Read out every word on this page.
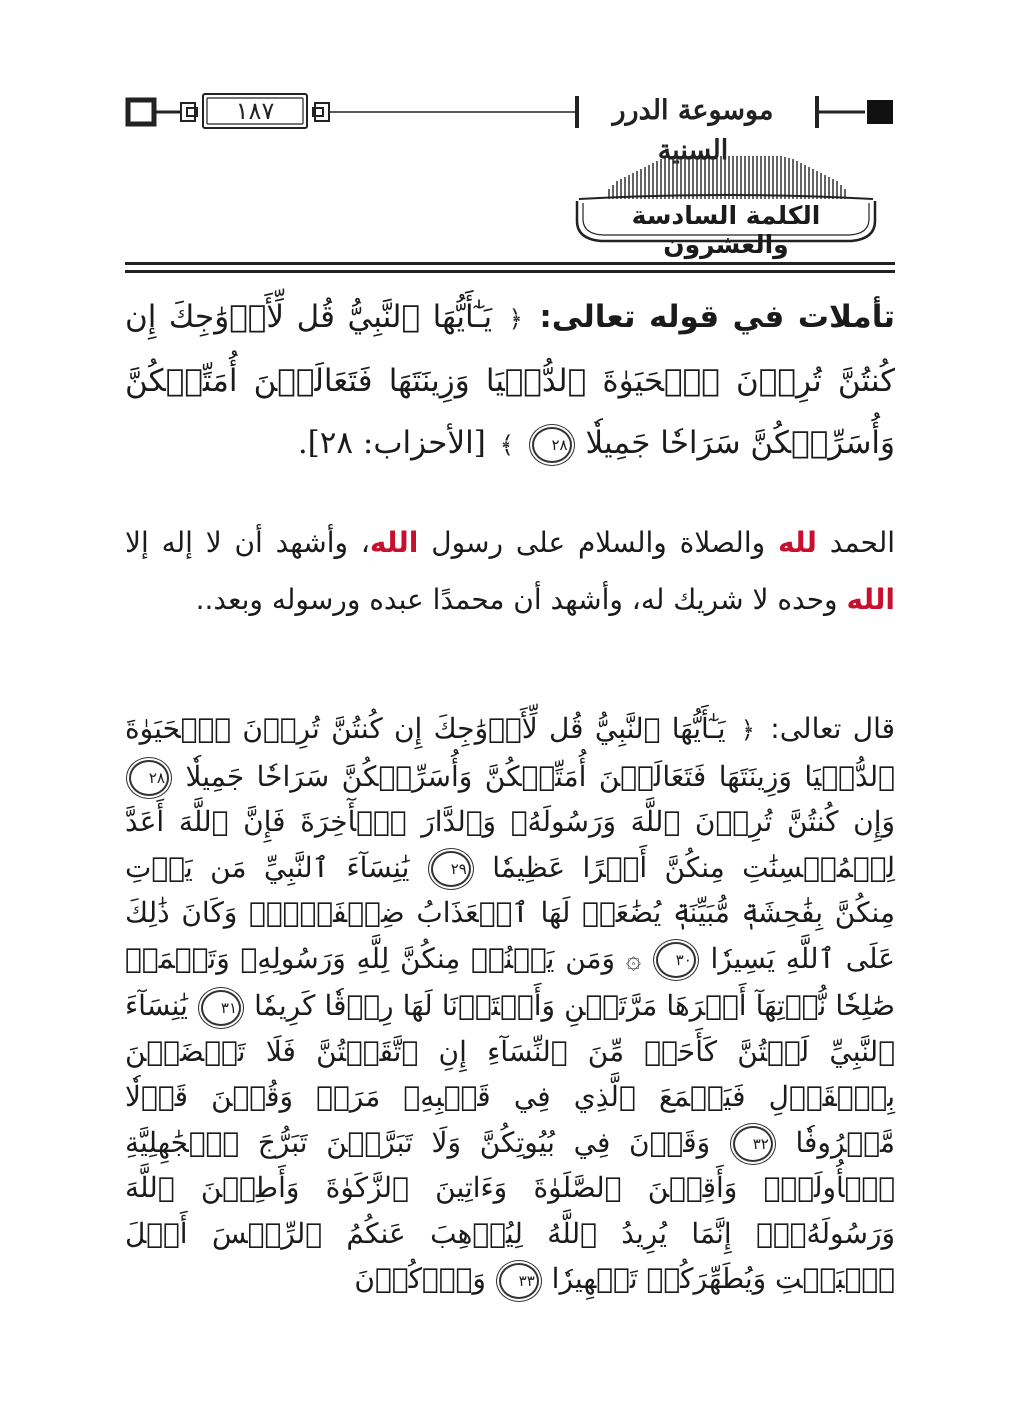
١٨٧	موسوعة الدرر السنية
الكلمة السادسة والعشرون
تأملات في قوله تعالى: ﴿ يَـٰٓأَيُّهَا ٱلنَّبِيُّ قُل لِّأَزۡوَٰجِكَ إِن كُنتُنَّ تُرِدۡنَ ٱلۡحَيَوٰةَ ٱلدُّنۡيَا وَزِينَتَهَا فَتَعَالَيۡنَ أُمَتِّعۡكُنَّ وَأُسَرِّحۡكُنَّ سَرَاحٗا جَمِيلٗا ٢٨ ﴾ [الأحزاب: ٢٨].
الحمد لله والصلاة والسلام على رسول الله، وأشهد أن لا إله إلا الله وحده لا شريك له، وأشهد أن محمدًا عبده ورسوله وبعد..
قال تعالى: ﴿ يَـٰٓأَيُّهَا ٱلنَّبِيُّ قُل لِّأَزۡوَٰجِكَ إِن كُنتُنَّ تُرِدۡنَ ٱلۡحَيَوٰةَ ٱلدُّنۡيَا وَزِينَتَهَا فَتَعَالَيۡنَ أُمَتِّعۡكُنَّ وَأُسَرِّحۡكُنَّ سَرَاحٗا جَمِيلٗا ٢٨ وَإِن كُنتُنَّ تُرِدۡنَ ٱللَّهَ وَرَسُولَهُۥ وَٱلدَّارَ ٱلۡأٓخِرَةَ فَإِنَّ ٱللَّهَ أَعَدَّ لِلۡمُحۡسِنَٰتِ مِنكُنَّ أَجۡرًا عَظِيمٗا ٢٩ يَٰنِسَآءَ ٱلنَّبِيِّ مَن يَأۡتِ مِنكُنَّ بِفَٰحِشَةٖ مُّبَيِّنَةٖ يُضَٰعَفۡ لَهَا ٱلۡعَذَابُ ضِعۡفَيۡنِۚ وَكَانَ ذَٰلِكَ عَلَى ٱللَّهِ يَسِيرٗا ٣٠ ۞ وَمَن يَقۡنُتۡ مِنكُنَّ لِلَّهِ وَرَسُولِهِۦ وَتَعۡمَلۡ صَٰلِحٗا نُّؤۡتِهَآ أَجۡرَهَا مَرَّتَيۡنِ وَأَعۡتَدۡنَا لَهَا رِزۡقٗا كَرِيمٗا ٣١ يَٰنِسَآءَ ٱلنَّبِيِّ لَسۡتُنَّ كَأَحَدٖ مِّنَ ٱلنِّسَآءِ إِنِ ٱتَّقَيۡتُنَّ فَلَا تَخۡضَعۡنَ بِٱلۡقَوۡلِ فَيَطۡمَعَ ٱلَّذِي فِي قَلۡبِهِۦ مَرَضٞ وَقُلۡنَ قَوۡلٗا مَّعۡرُوفٗا ٣٢ وَقَرۡنَ فِي بُيُوتِكُنَّ وَلَا تَبَرَّجۡنَ تَبَرُّجَ ٱلۡجَٰهِلِيَّةِ ٱلۡأُولَىٰۖ وَأَقِمۡنَ ٱلصَّلَوٰةَ وَءَاتِينَ ٱلزَّكَوٰةَ وَأَطِعۡنَ ٱللَّهَ وَرَسُولَهُۥٓۚ إِنَّمَا يُرِيدُ ٱللَّهُ لِيُذۡهِبَ عَنكُمُ ٱلرِّجۡسَ أَهۡلَ ٱلۡبَيۡتِ وَيُطَهِّرَكُمۡ تَطۡهِيرٗا ٣٣ وَٱذۡكُرۡنَ
